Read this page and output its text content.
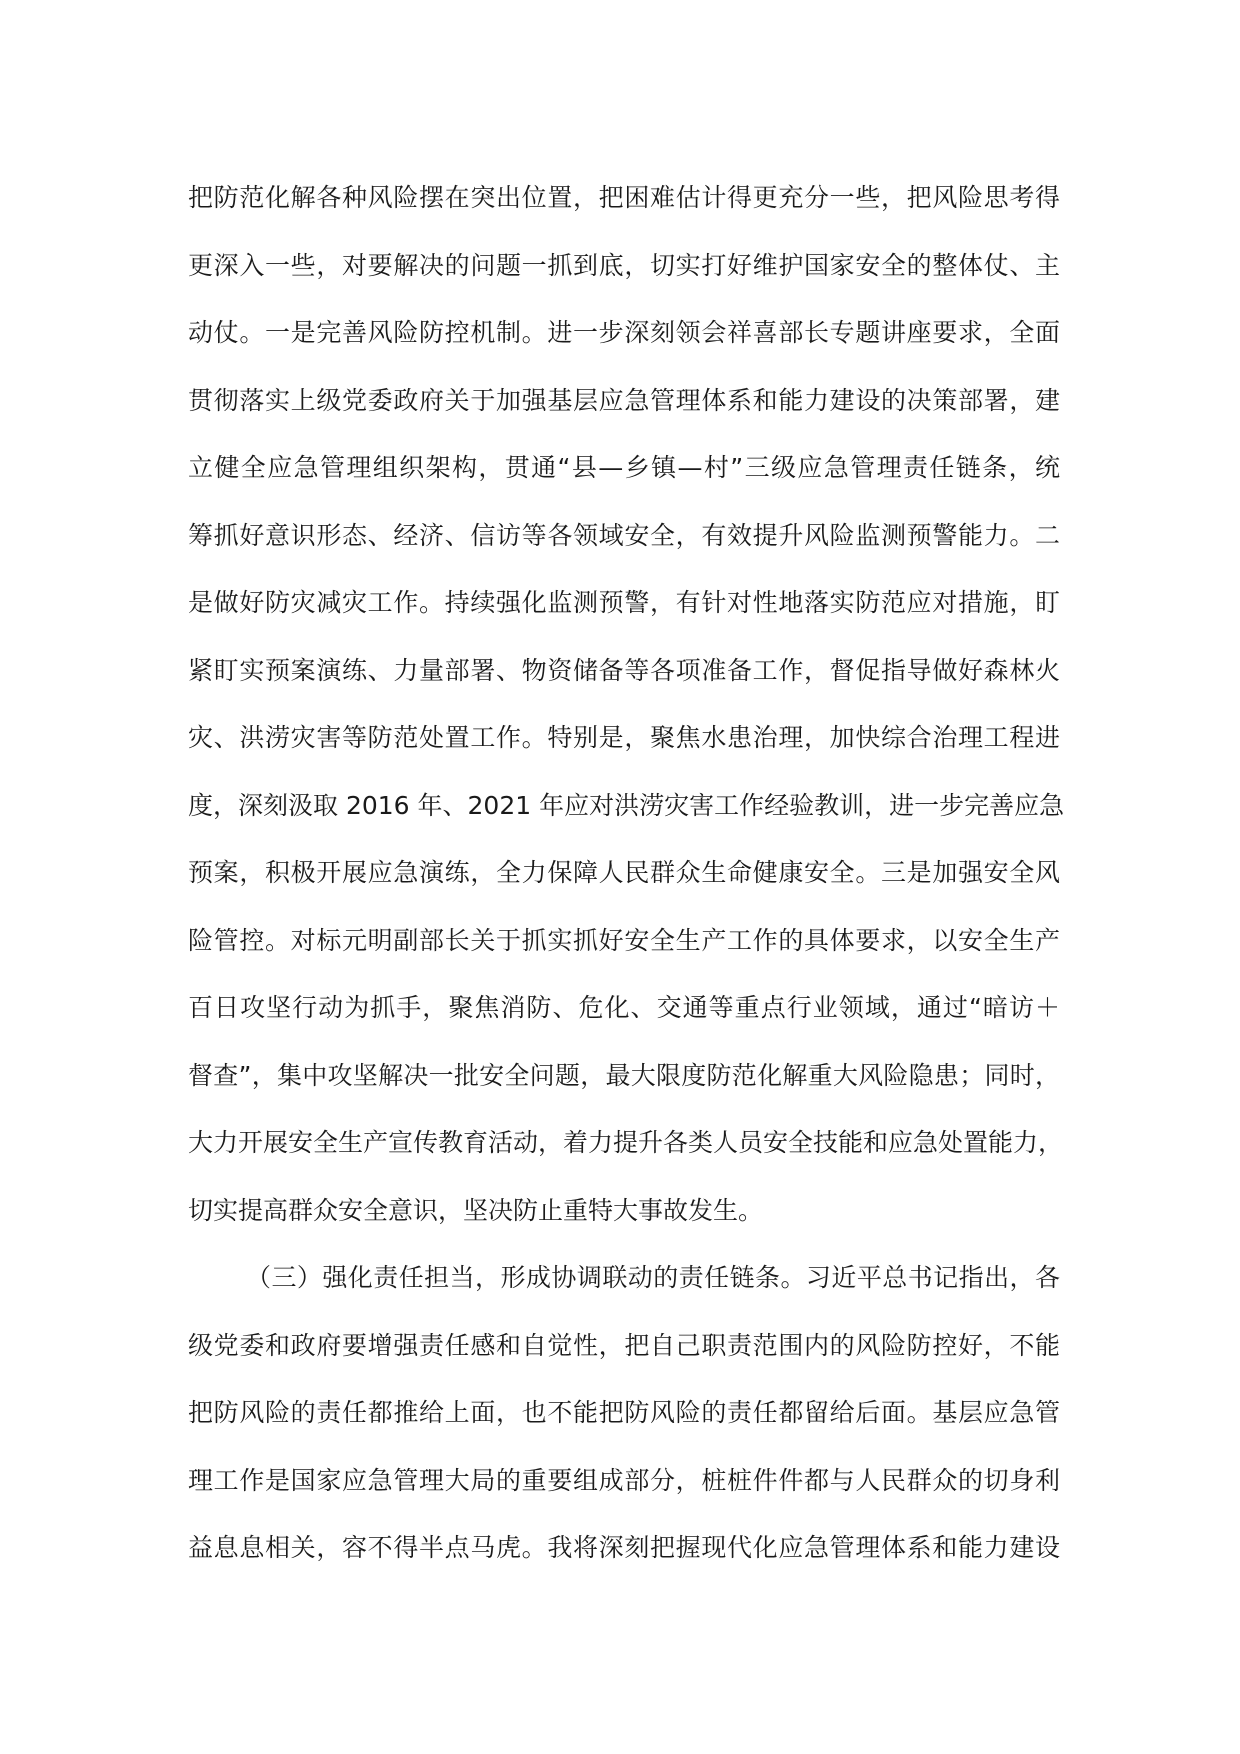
把防范化解各种风险摆在突出位置，把困难估计得更充分一些，把风险思考得
更深入一些，对要解决的问题一抓到底，切实打好维护国家安全的整体仗、主
动仗。一是完善风险防控机制。进一步深刻领会祥喜部长专题讲座要求，全面
贯彻落实上级党委政府关于加强基层应急管理体系和能力建设的决策部署，建
立健全应急管理组织架构，贯通“县—乡镇—村”三级应急管理责任链条，统
筹抓好意识形态、经济、信访等各领域安全，有效提升风险监测预警能力。二
是做好防灾减灾工作。持续强化监测预警，有针对性地落实防范应对措施，盯
紧盯实预案演练、力量部署、物资储备等各项准备工作，督促指导做好森林火
灾、洪涝灾害等防范处置工作。特别是，聚焦水患治理，加快综合治理工程进
度，深刻汲取 2016 年、2021 年应对洪涝灾害工作经验教训，进一步完善应急
预案，积极开展应急演练，全力保障人民群众生命健康安全。三是加强安全风
险管控。对标元明副部长关于抓实抓好安全生产工作的具体要求，以安全生产
百日攻坚行动为抓手，聚焦消防、危化、交通等重点行业领域，通过“暗访＋
督查”，集中攻坚解决一批安全问题，最大限度防范化解重大风险隐患；同时，
大力开展安全生产宣传教育活动，着力提升各类人员安全技能和应急处置能力，
切实提高群众安全意识，坚决防止重特大事故发生。
（三）强化责任担当，形成协调联动的责任链条。习近平总书记指出，各
级党委和政府要增强责任感和自觉性，把自己职责范围内的风险防控好，不能
把防风险的责任都推给上面，也不能把防风险的责任都留给后面。基层应急管
理工作是国家应急管理大局的重要组成部分，桩桩件件都与人民群众的切身利
益息息相关，容不得半点马虎。我将深刻把握现代化应急管理体系和能力建设
